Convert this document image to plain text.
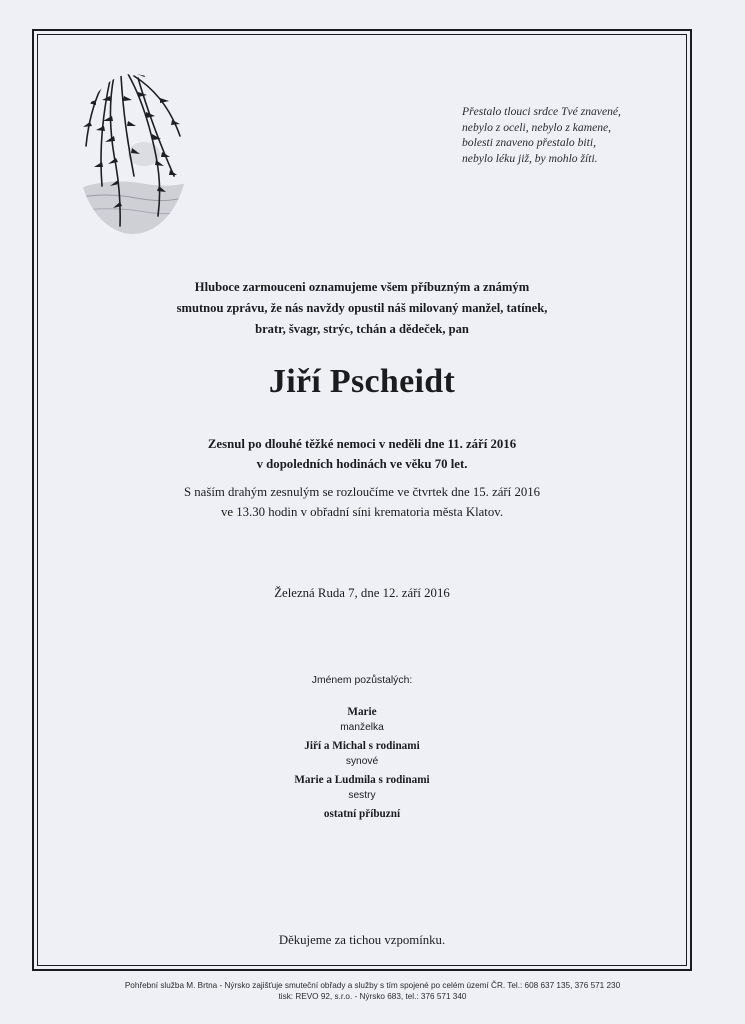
Přestalo tlouci srdce Tvé znavené,
nebylo z oceli, nebylo z kamene,
bolesti znaveno přestalo biti,
nebylo léku již, by mohlo žíti.
Hluboce zarmouceni oznamujeme všem příbuzným a známým
smutnou zprávu, že nás navždy opustil náš milovaný manžel, tatínek,
bratr, švagr, strýc, tchán a dědeček, pan
Jiří Pscheidt
Zesnul po dlouhé těžké nemoci v neděli dne 11. září 2016
v dopoledních hodinách ve věku 70 let.
S naším drahým zesnulým se rozloučíme ve čtvrtek dne 15. září 2016
ve 13.30 hodin v obřadní síni krematoria města Klatov.
Železná Ruda 7, dne 12. září 2016
Jménem pozůstalých:
Marie
manželka
Jiří a Michal s rodinami
synové
Marie a Ludmila s rodinami
sestry
ostatní příbuzní
Děkujeme za tichou vzpomínku.
Pohřební služba M. Brtna - Nýrsko zajišťuje smuteční obřady a služby s tím spojené po celém území ČR. Tel.: 608 637 135, 376 571 230
tisk: REVO 92, s.r.o. - Nýrsko 683, tel.: 376 571 340
